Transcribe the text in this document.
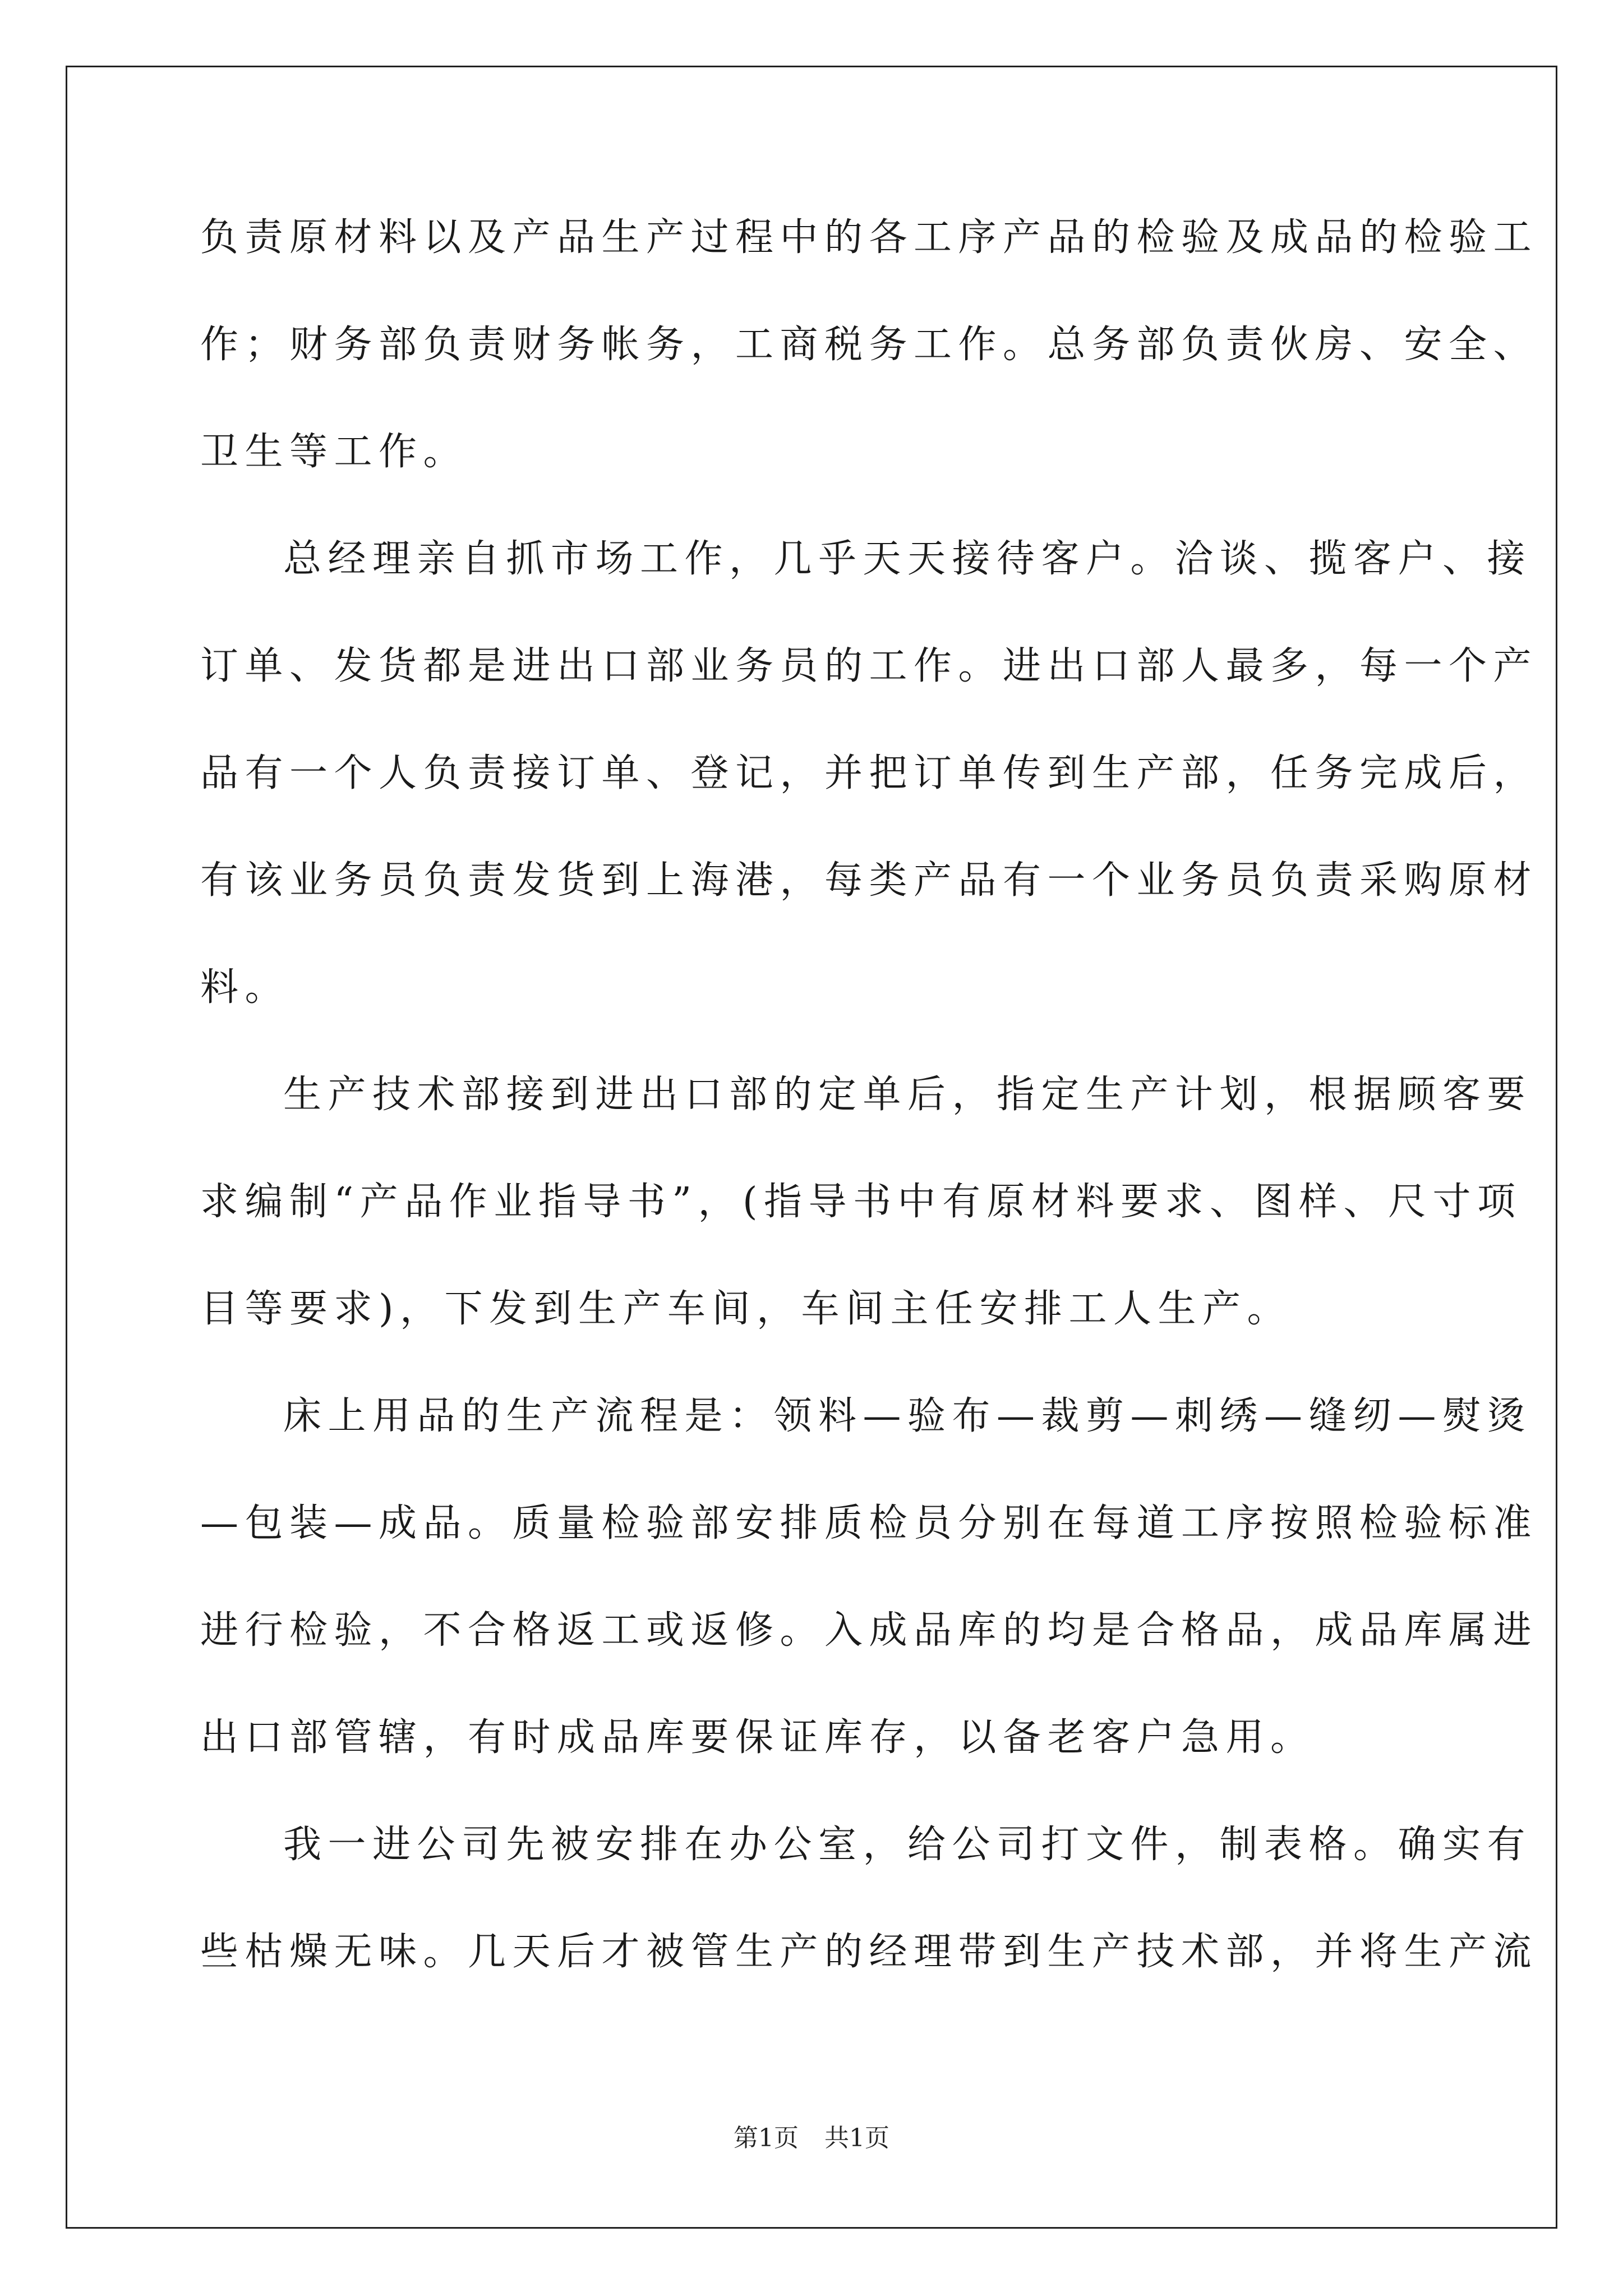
负责原材料以及产品生产过程中的各工序产品的检验及成品的检验工
作；财务部负责财务帐务，工商税务工作。总务部负责伙房、安全、
卫生等工作。
总经理亲自抓市场工作，几乎天天接待客户。洽谈、揽客户、接
订单、发货都是进出口部业务员的工作。进出口部人最多，每一个产
品有一个人负责接订单、登记，并把订单传到生产部，任务完成后，
有该业务员负责发货到上海港，每类产品有一个业务员负责采购原材
料。
生产技术部接到进出口部的定单后，指定生产计划，根据顾客要
求编制“产品作业指导书”，(指导书中有原材料要求、图样、尺寸项
目等要求)，下发到生产车间，车间主任安排工人生产。
床上用品的生产流程是：领料—验布—裁剪—刺绣—缝纫—熨烫
—包装—成品。质量检验部安排质检员分别在每道工序按照检验标准
进行检验，不合格返工或返修。入成品库的均是合格品，成品库属进
出口部管辖，有时成品库要保证库存，以备老客户急用。
我一进公司先被安排在办公室，给公司打文件，制表格。确实有
些枯燥无味。几天后才被管生产的经理带到生产技术部，并将生产流
第1页 共1页
